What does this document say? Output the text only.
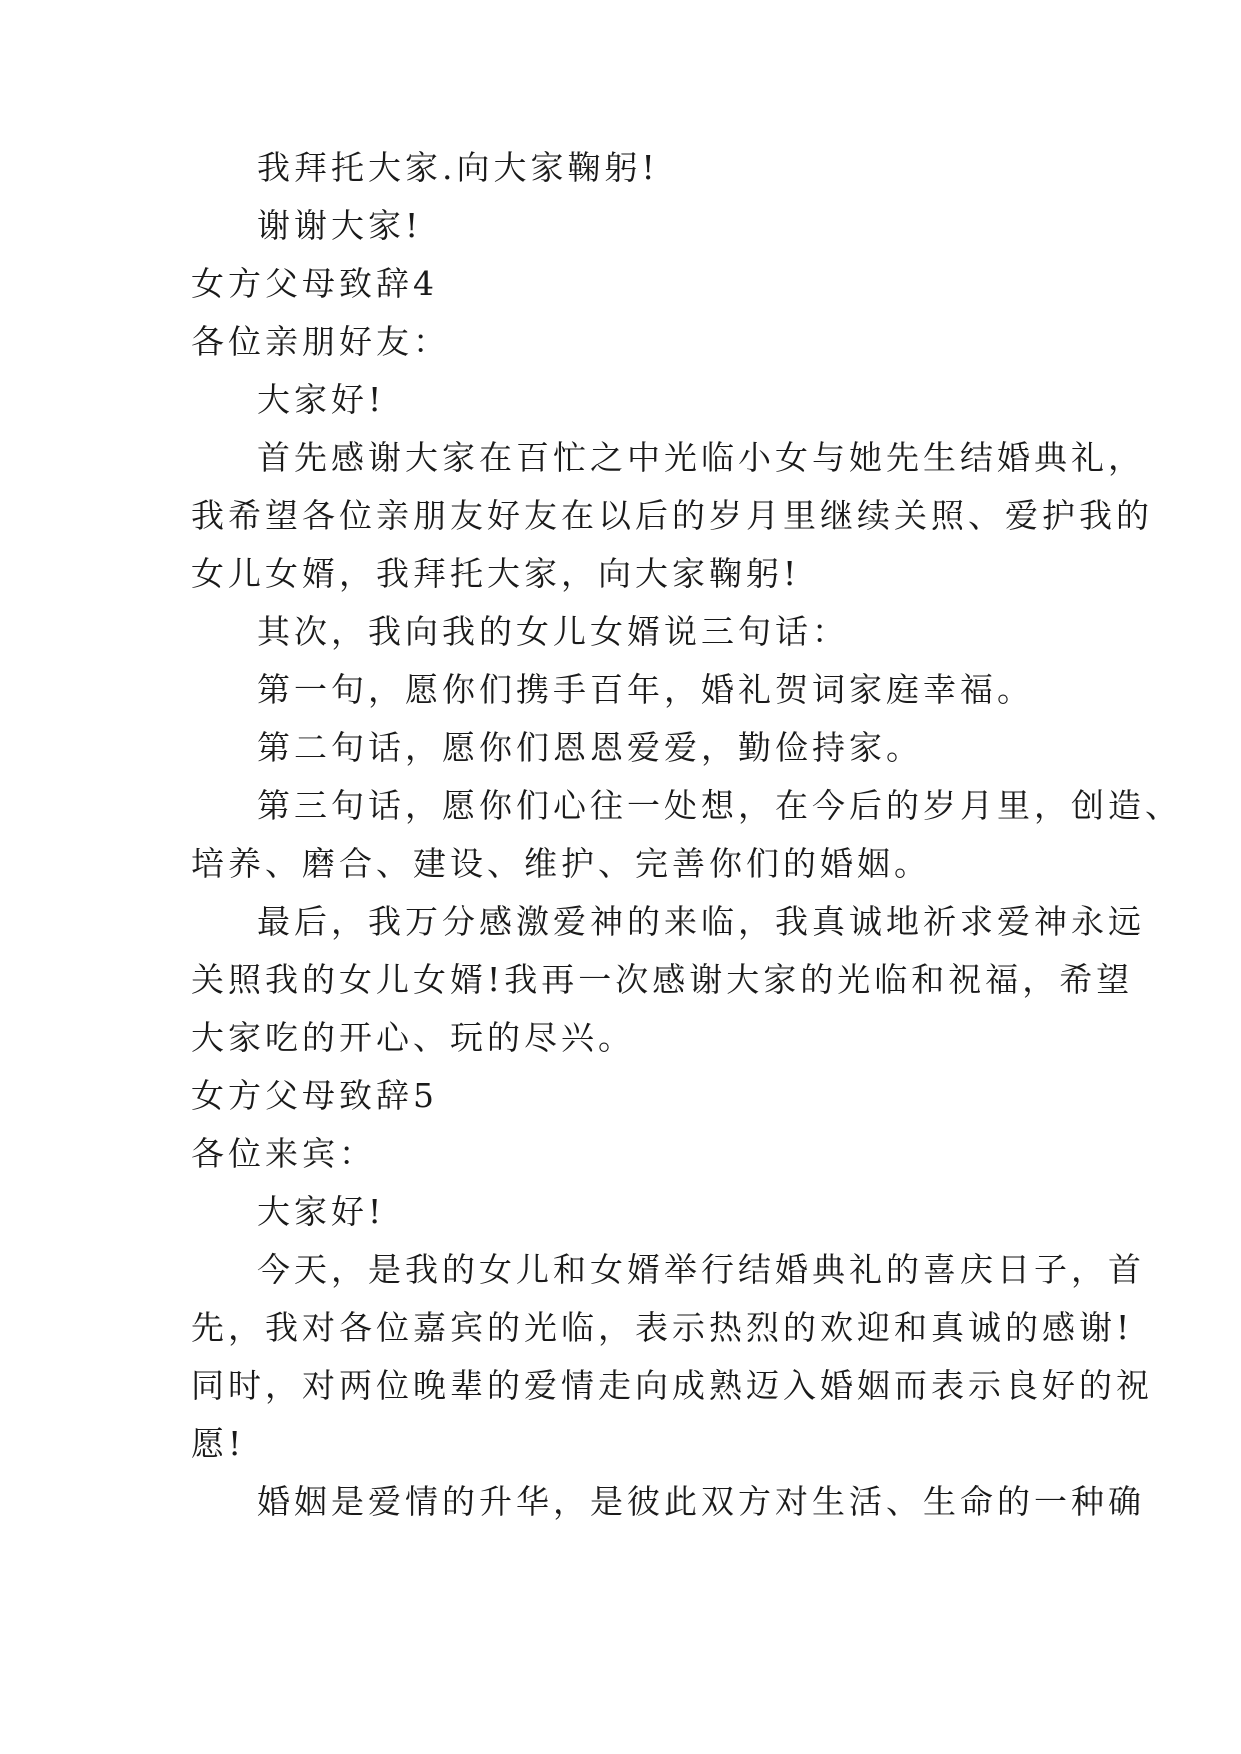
我拜托大家.向大家鞠躬!
谢谢大家!
女方父母致辞4
各位亲朋好友：
大家好!
首先感谢大家在百忙之中光临小女与她先生结婚典礼，
我希望各位亲朋友好友在以后的岁月里继续关照、爱护我的
女儿女婿，我拜托大家，向大家鞠躬!
其次，我向我的女儿女婿说三句话：
第一句，愿你们携手百年，婚礼贺词家庭幸福。
第二句话，愿你们恩恩爱爱，勤俭持家。
第三句话，愿你们心往一处想，在今后的岁月里，创造、
培养、磨合、建设、维护、完善你们的婚姻。
最后，我万分感激爱神的来临，我真诚地祈求爱神永远
关照我的女儿女婿!我再一次感谢大家的光临和祝福，希望
大家吃的开心、玩的尽兴。
女方父母致辞5
各位来宾：
大家好!
今天，是我的女儿和女婿举行结婚典礼的喜庆日子，首
先，我对各位嘉宾的光临，表示热烈的欢迎和真诚的感谢!
同时，对两位晚辈的爱情走向成熟迈入婚姻而表示良好的祝
愿!
婚姻是爱情的升华，是彼此双方对生活、生命的一种确
